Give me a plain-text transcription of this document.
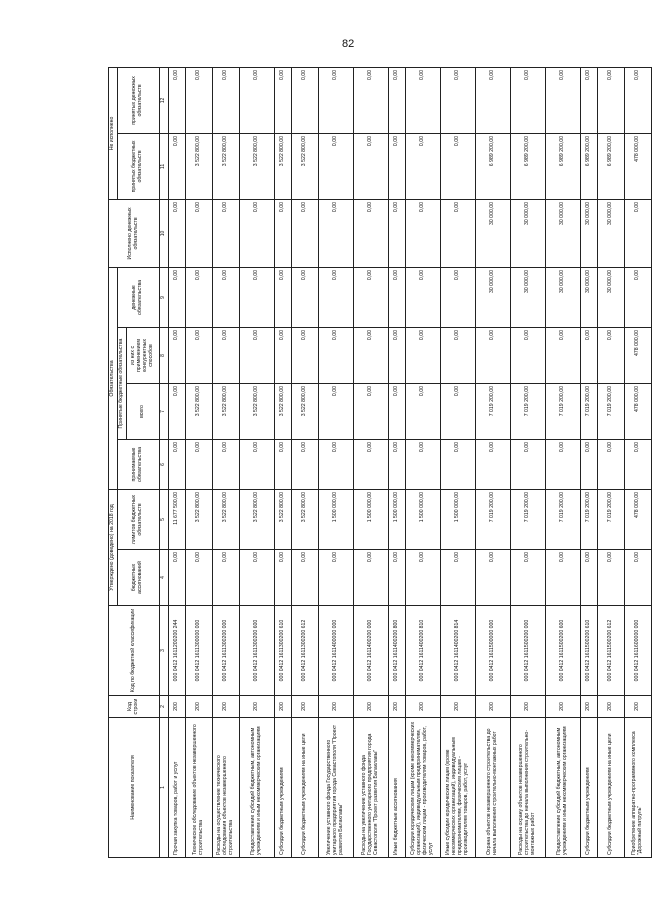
82
Наименование показателя	Код строки	Код по бюджетной классификации	Утверждено (доведено) на 2018 год		Обязательства				Исполнено денежных обязательств	Не исполнено	
			бюджетных ассигнований	лимитов бюджетных обязательств	принимаемые обязательства	Принятые бюджетные обязательства		денежные обязательства		принятых бюджетных обязательств	принятых денежных обязательств
						всего	из них с применением конкурентных способов				
1	2	3	4	5	6	7	8	9	10	11	12
Прочая закупка товаров, работ и услуг	200	000 0412 1611200200 244	0,00	11 677 500,00	0,00	0,00	0,00	0,00	0,00	0,00	0,00
Техническое обследование объектов незавершенного строительства	200	000 0412 1611300000 000	0,00	3 522 800,00	0,00	3 522 800,00	0,00	0,00	0,00	3 522 800,00	0,00
Расходы на осуществление технического обследования объектов незавершенного строительства	200	000 0412 1611300200 000	0,00	3 522 800,00	0,00	3 522 800,00	0,00	0,00	0,00	3 522 800,00	0,00
Предоставление субсидий бюджетным, автономным учреждениям и иным некоммерческим организациям	200	000 0412 1611300200 600	0,00	3 522 800,00	0,00	3 522 800,00	0,00	0,00	0,00	3 522 800,00	0,00
Субсидии бюджетным учреждениям	200	000 0412 1611300200 610	0,00	3 522 800,00	0,00	3 522 800,00	0,00	0,00	0,00	3 522 800,00	0,00
Субсидии бюджетным учреждениям на иные цели	200	000 0412 1611300200 612	0,00	3 522 800,00	0,00	3 522 800,00	0,00	0,00	0,00	3 522 800,00	0,00
Увеличение уставного фонда Государственного унитарного предприятия города Севастополя "Проект развития Балаклавы"	200	000 0412 1611400000 000	0,00	1 500 000,00	0,00	0,00	0,00	0,00	0,00	0,00	0,00
Расходы на увеличение уставного фонда Государственного унитарного предприятия города Севастополя "Проект развития Балаклавы"	200	000 0412 1611400200 000	0,00	1 500 000,00	0,00	0,00	0,00	0,00	0,00	0,00	0,00
Иные бюджетные ассигнования	200	000 0412 1611400200 800	0,00	1 500 000,00	0,00	0,00	0,00	0,00	0,00	0,00	0,00
Субсидии юридическим лицам (кроме некоммерческих организаций), индивидуальным предпринимателям, физическим лицам - производителям товаров, работ, услуг	200	000 0412 1611400200 810	0,00	1 500 000,00	0,00	0,00	0,00	0,00	0,00	0,00	0,00
Иные субсидии юридическим лицам (кроме некоммерческих организаций), индивидуальным предпринимателям, физическим лицам - производителям товаров, работ, услуг	200	000 0412 1611400200 814	0,00	1 500 000,00	0,00	0,00	0,00	0,00	0,00	0,00	0,00
Охрана объектов незавершенного строительства до начала выполнения строительно-монтажных работ	200	000 0412 1611500000 000	0,00	7 019 200,00	0,00	7 019 200,00	0,00	30 000,00	30 000,00	6 989 200,00	0,00
Расходы на охрану объектов незавершенного строительства до начала выполнения строительно-монтажных работ	200	000 0412 1611500200 000	0,00	7 019 200,00	0,00	7 019 200,00	0,00	30 000,00	30 000,00	6 989 200,00	0,00
Предоставление субсидий бюджетным, автономным учреждениям и иным некоммерческим организациям	200	000 0412 1611500200 600	0,00	7 019 200,00	0,00	7 019 200,00	0,00	30 000,00	30 000,00	6 989 200,00	0,00
Субсидии бюджетным учреждениям	200	000 0412 1611500200 610	0,00	7 019 200,00	0,00	7 019 200,00	0,00	30 000,00	30 000,00	6 989 200,00	0,00
Субсидии бюджетным учреждениям на иные цели	200	000 0412 1611500200 612	0,00	7 019 200,00	0,00	7 019 200,00	0,00	30 000,00	30 000,00	6 989 200,00	0,00
Приобретение аппаратно-программного комплекса "Дорожный патруль"	200	000 0412 1611600000 000	0,00	478 000,00	0,00	478 000,00	478 000,00	0,00	0,00	478 000,00	0,00
